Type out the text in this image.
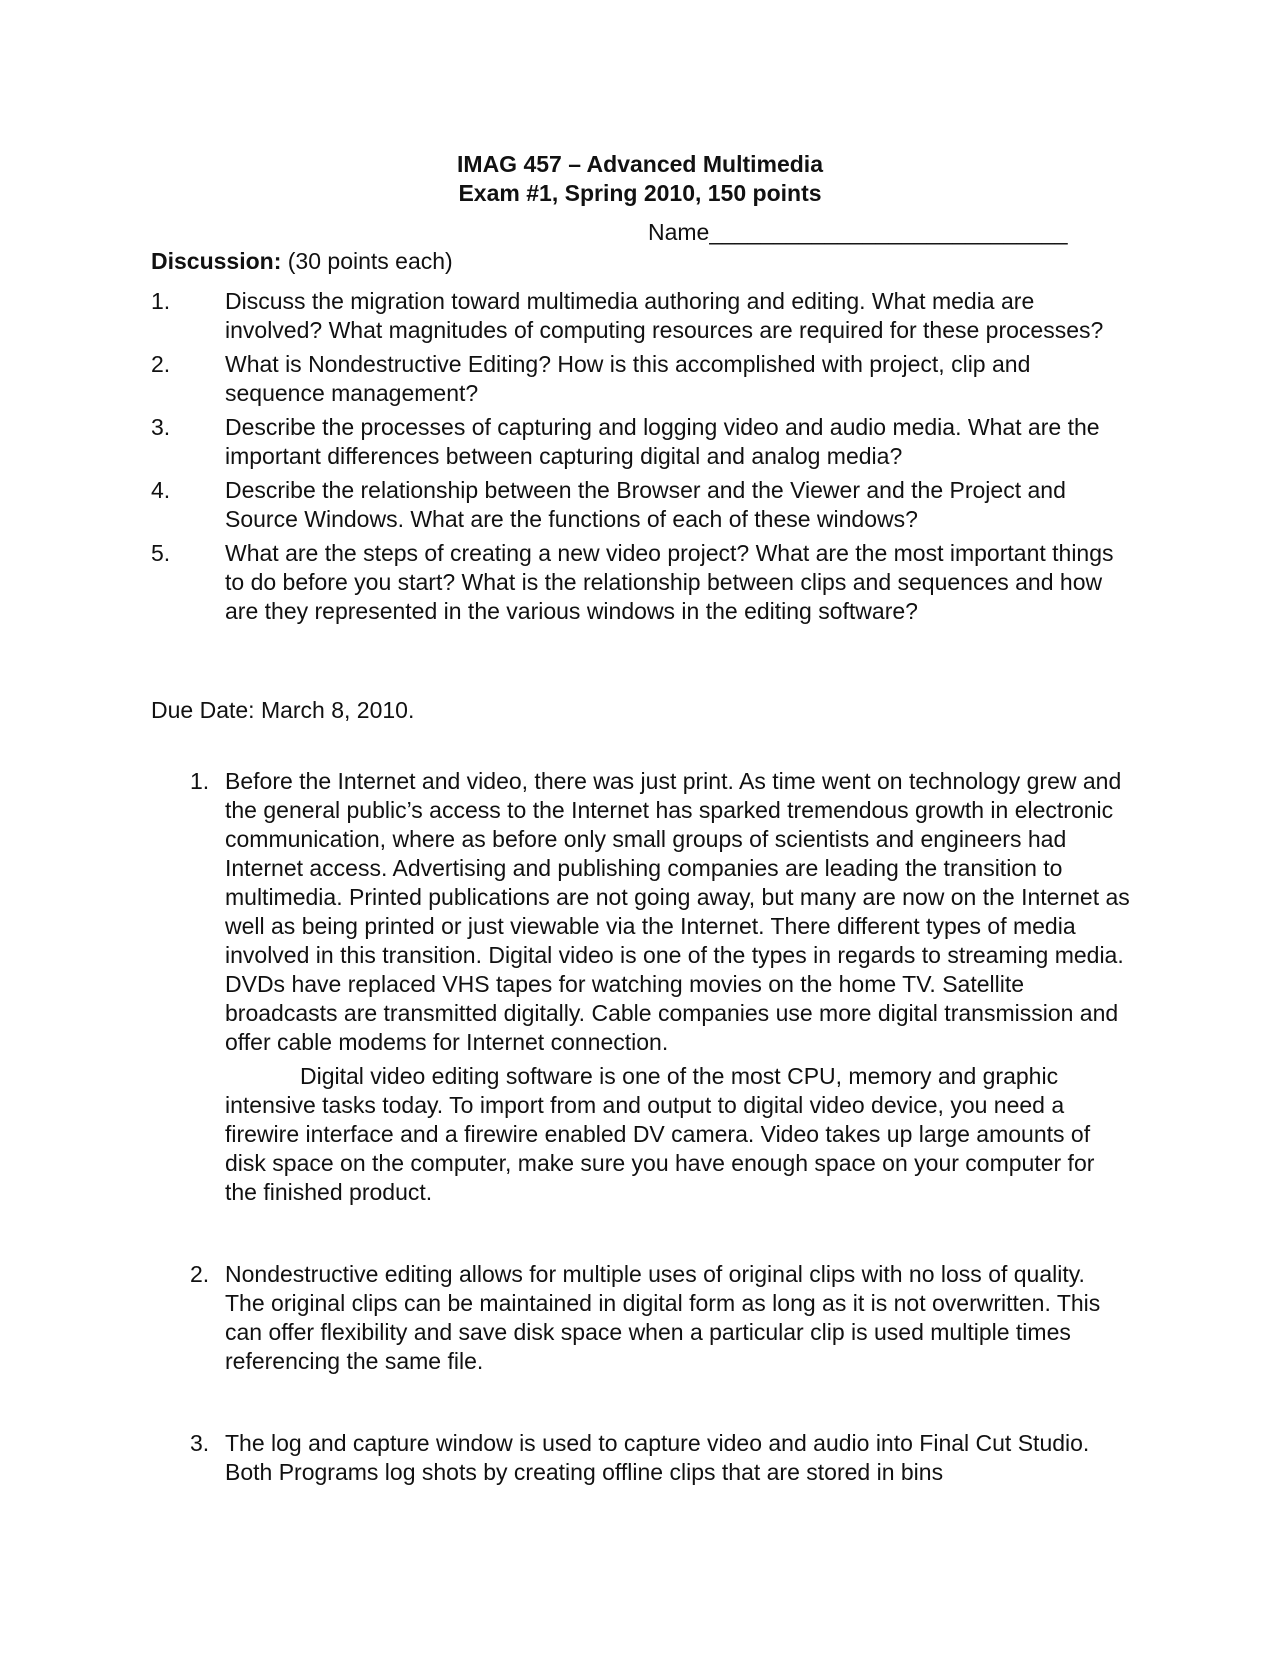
IMAG 457 – Advanced Multimedia
Exam #1, Spring 2010, 150 points
Name____________________________
Discussion: (30 points each)
1. Discuss the migration toward multimedia authoring and editing. What media are involved? What magnitudes of computing resources are required for these processes?
2. What is Nondestructive Editing? How is this accomplished with project, clip and sequence management?
3. Describe the processes of capturing and logging video and audio media. What are the important differences between capturing digital and analog media?
4. Describe the relationship between the Browser and the Viewer and the Project and Source Windows. What are the functions of each of these windows?
5. What are the steps of creating a new video project? What are the most important things to do before you start? What is the relationship between clips and sequences and how are they represented in the various windows in the editing software?
Due Date: March 8, 2010.
1. Before the Internet and video, there was just print. As time went on technology grew and the general public’s access to the Internet has sparked tremendous growth in electronic communication, where as before only small groups of scientists and engineers had Internet access. Advertising and publishing companies are leading the transition to multimedia. Printed publications are not going away, but many are now on the Internet as well as being printed or just viewable via the Internet. There different types of media involved in this transition. Digital video is one of the types in regards to streaming media. DVDs have replaced VHS tapes for watching movies on the home TV. Satellite broadcasts are transmitted digitally. Cable companies use more digital transmission and offer cable modems for Internet connection.

Digital video editing software is one of the most CPU, memory and graphic intensive tasks today. To import from and output to digital video device, you need a firewire interface and a firewire enabled DV camera. Video takes up large amounts of disk space on the computer, make sure you have enough space on your computer for the finished product.

2. Nondestructive editing allows for multiple uses of original clips with no loss of quality. The original clips can be maintained in digital form as long as it is not overwritten. This can offer flexibility and save disk space when a particular clip is used multiple times referencing the same file.

3. The log and capture window is used to capture video and audio into Final Cut Studio. Both Programs log shots by creating offline clips that are stored in bins
